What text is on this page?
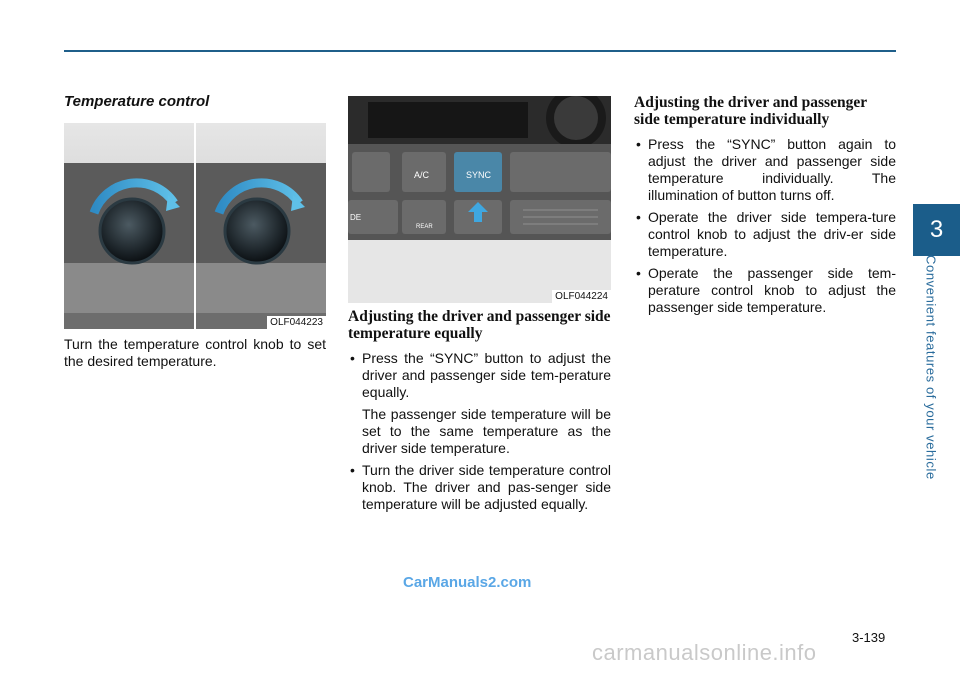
3
Convenient features of your vehicle
Temperature control
OLF044223

Turn the temperature control knob to set the desired temperature.

A/C	SYNC
REAR
DE
OLF044224
Adjusting the driver and passenger side temperature equally
• Press the “SYNC” button to adjust the driver and passenger side tem-perature equally.

The passenger side temperature will be set to the same temperature as the driver side temperature.

• Turn the driver side temperature control knob. The driver and pas-senger side temperature will be adjusted equally.
Adjusting the driver and passenger side temperature individually
• Press the “SYNC” button again to adjust the driver and passenger side temperature individually. The illumination of button turns off.
• Operate the driver side tempera-ture control knob to adjust the driv-er side temperature.
• Operate the passenger side tem-perature control knob to adjust the passenger side temperature.
CarManuals2.com
3-139
carmanualsonline.info
